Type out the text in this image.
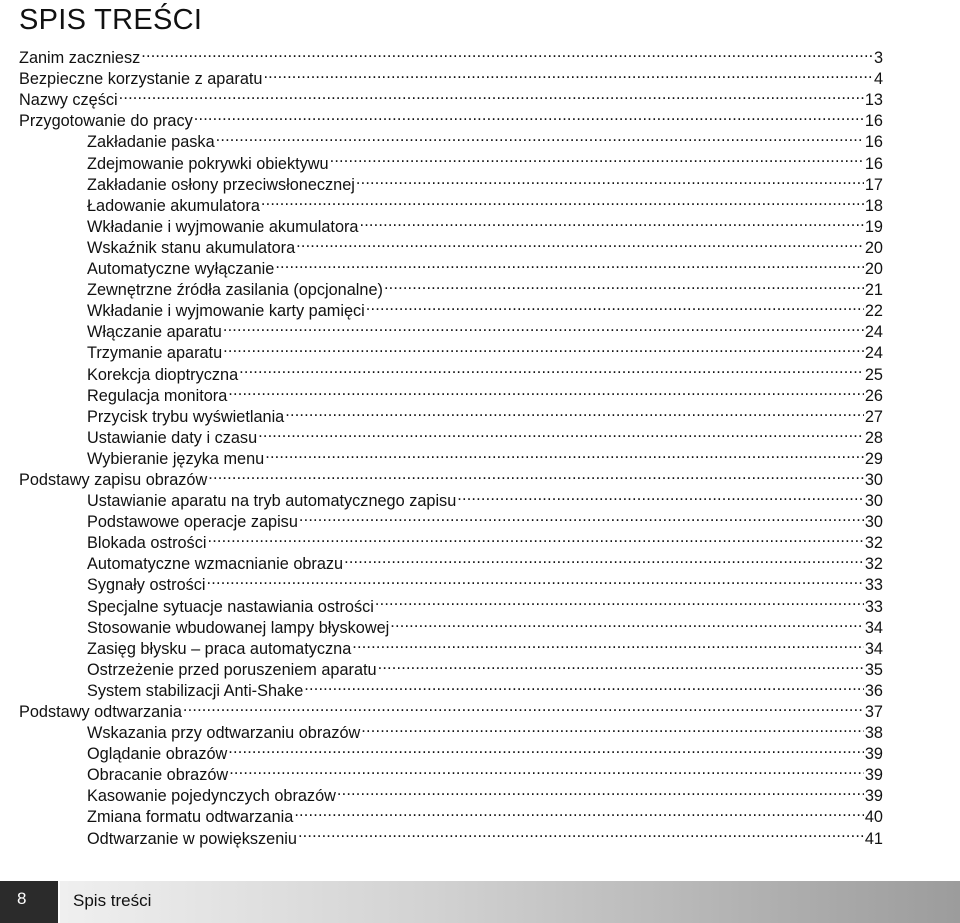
SPIS TREŚCI
Zanim zaczniesz .....	3
Bezpieczne korzystanie z aparatu .....	4
Nazwy części .....	13
Przygotowanie do pracy .....	16
Zakładanie paska .....	16
Zdejmowanie pokrywki obiektywu .....	16
Zakładanie osłony przeciwsłonecznej .....	17
Ładowanie akumulatora .....	18
Wkładanie i wyjmowanie akumulatora .....	19
Wskaźnik stanu akumulatora .....	20
Automatyczne wyłączanie .....	20
Zewnętrzne źródła zasilania (opcjonalne) .....	21
Wkładanie i wyjmowanie karty pamięci .....	22
Włączanie aparatu .....	24
Trzymanie aparatu .....	24
Korekcja dioptryczna .....	25
Regulacja monitora .....	26
Przycisk trybu wyświetlania .....	27
Ustawianie daty i czasu .....	28
Wybieranie języka menu .....	29
Podstawy zapisu obrazów .....	30
Ustawianie aparatu na tryb automatycznego zapisu .....	30
Podstawowe operacje zapisu .....	30
Blokada ostrości .....	32
Automatyczne wzmacnianie obrazu .....	32
Sygnały ostrości .....	33
Specjalne sytuacje nastawiania ostrości .....	33
Stosowanie wbudowanej lampy błyskowej .....	34
Zasięg błysku – praca automatyczna .....	34
Ostrzeżenie przed poruszeniem aparatu .....	35
System stabilizacji Anti-Shake .....	36
Podstawy odtwarzania .....	37
Wskazania przy odtwarzaniu obrazów .....	38
Oglądanie obrazów .....	39
Obracanie obrazów .....	39
Kasowanie pojedynczych obrazów .....	39
Zmiana formatu odtwarzania .....	40
Odtwarzanie w powiększeniu .....	41
8	Spis treści
